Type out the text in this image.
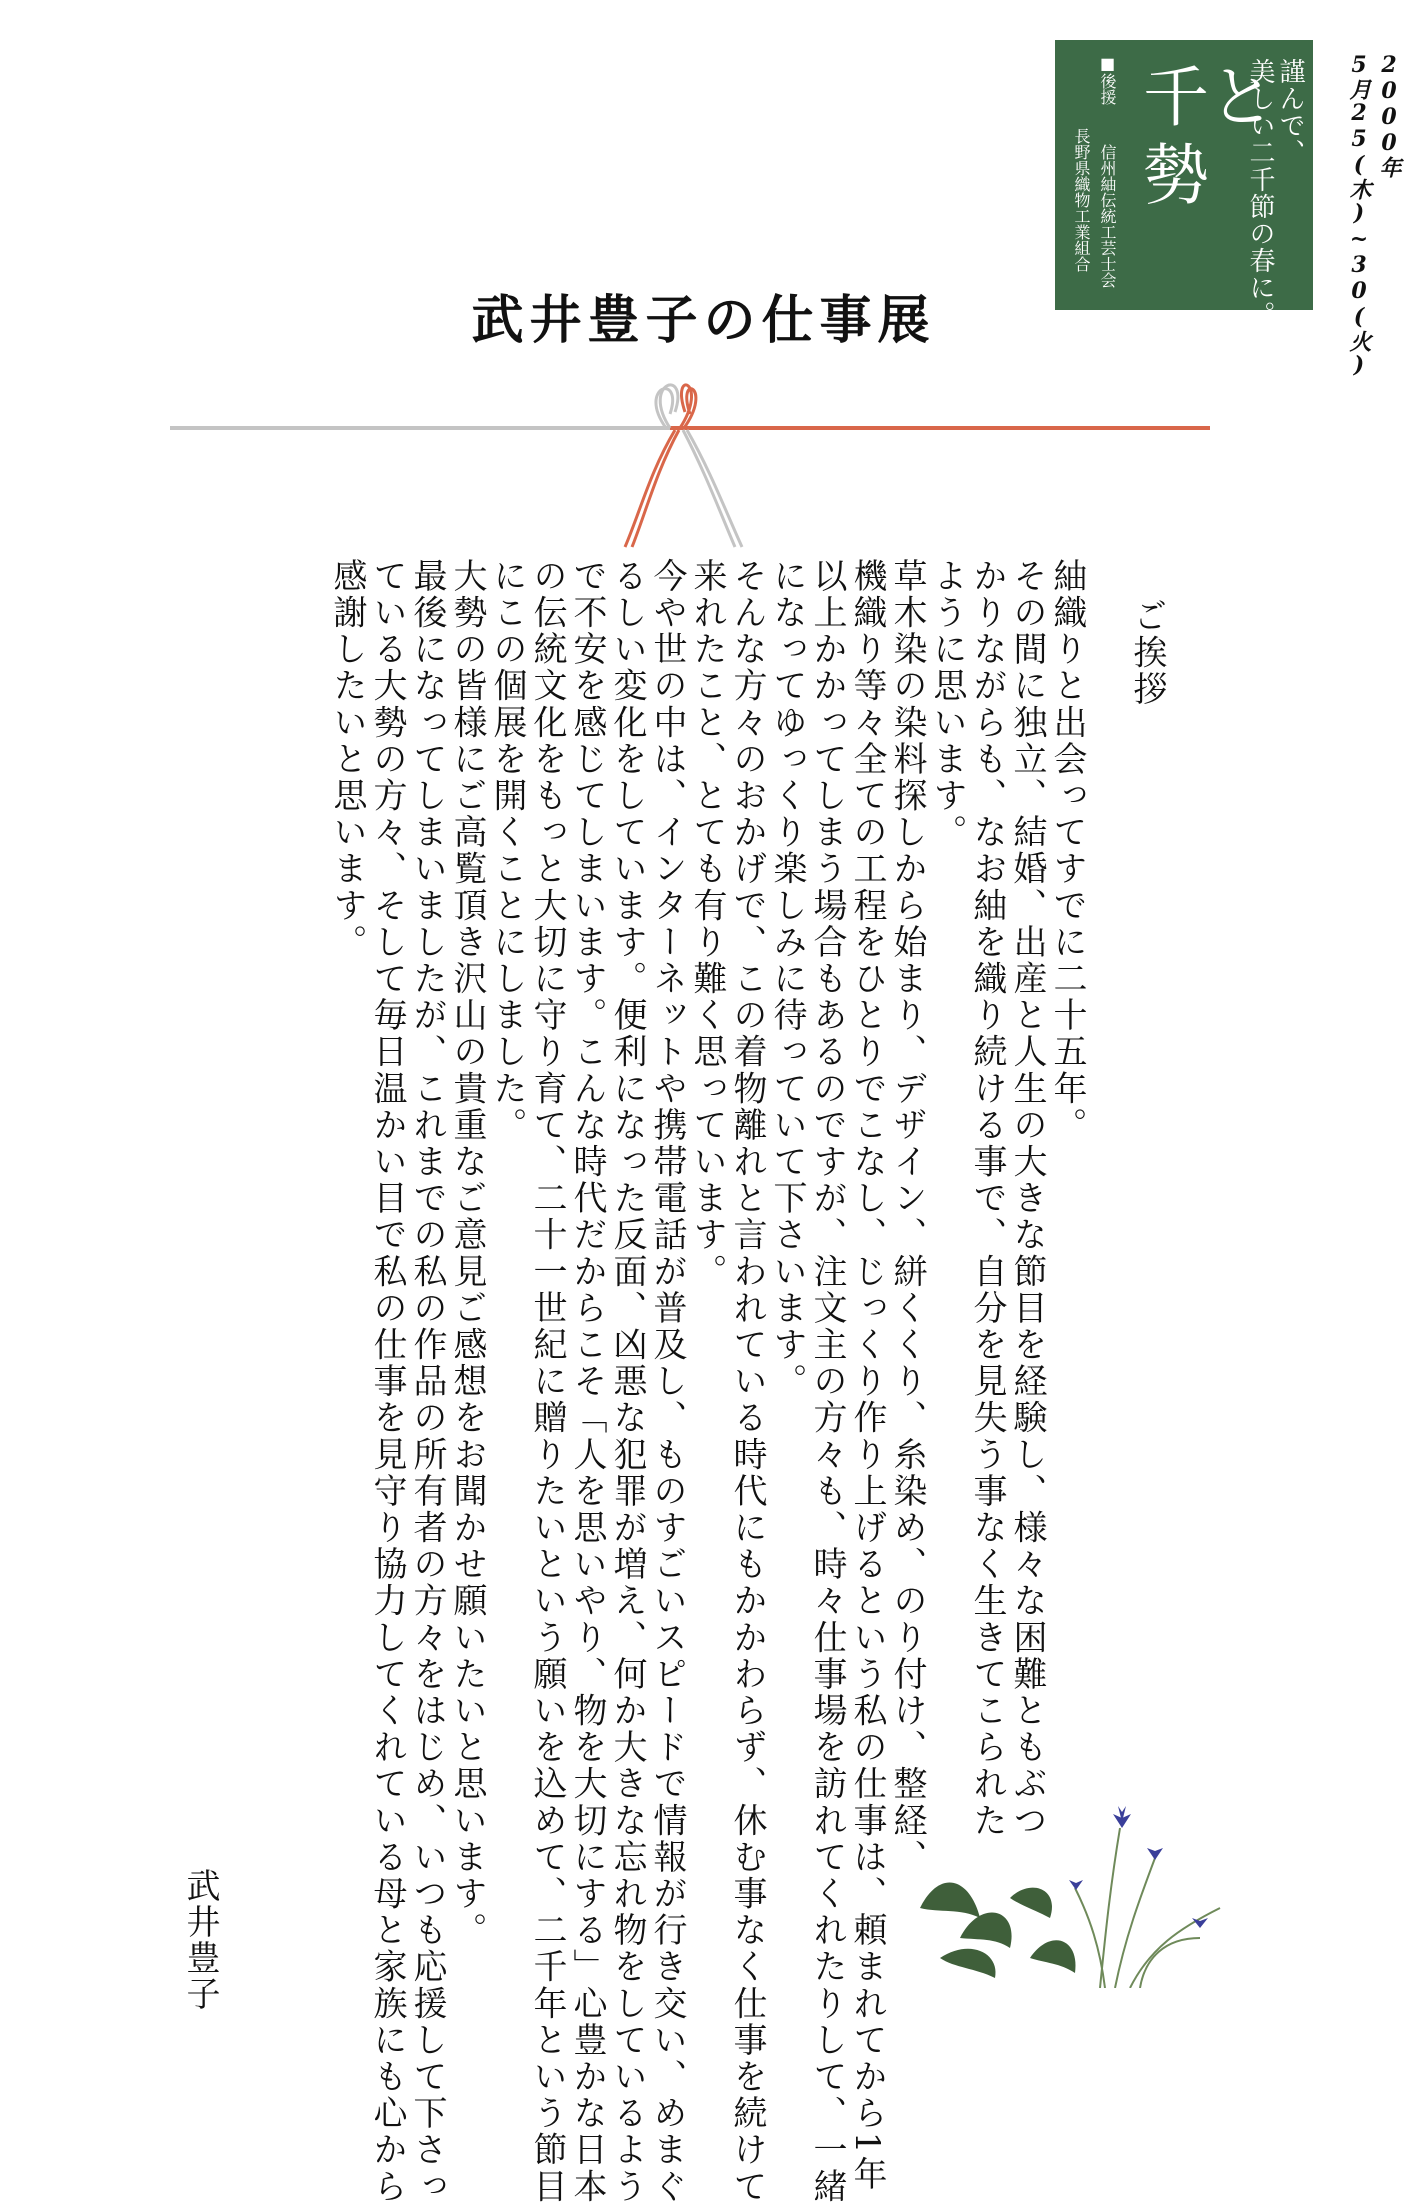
謹んで、
美しい二千節の春に。
千と
勢
■後援
信州紬伝統工芸士会
長野県織物工業組合
2000年
5月25(木)~30(火)
武井豊子の仕事展

ご挨拶

紬織りと出会ってすでに二十五年。
その間に独立、結婚、出産と人生の大きな節目を経験し、様々な困難ともぶつ
かりながらも、なお紬を織り続ける事で、自分を見失う事なく生きてこられた
ように思います。

草木染の染料探しから始まり、デザイン、絣くくり、糸染め、のり付け、整経、
機織り等々全ての工程をひとりでこなし、じっくり作り上げるという私の仕事は、頼まれてから1年
以上かかってしまう場合もあるのですが、注文主の方々も、時々仕事場を訪れてくれたりして、一緒
になってゆっくり楽しみに待っていて下さいます。

そんな方々のおかげで、この着物離れと言われている時代にもかかわらず、休む事なく仕事を続けて
来れたこと、とても有り難く思っています。

今や世の中は、インターネットや携帯電話が普及し、ものすごいスピードで情報が行き交い、めまぐ
るしい変化をしています。便利になった反面、凶悪な犯罪が増え、何か大きな忘れ物をしているよう
で不安を感じてしまいます。こんな時代だからこそ「人を思いやり、物を大切にする」心豊かな日本
の伝統文化をもっと大切に守り育て、二十一世紀に贈りたいという願いを込めて、二千年という節目
にこの個展を開くことにしました。

大勢の皆様にご高覧頂き沢山の貴重なご意見ご感想をお聞かせ願いたいと思います。

最後になってしまいましたが、これまでの私の作品の所有者の方々をはじめ、いつも応援して下さっ
ている大勢の方々、そして毎日温かい目で私の仕事を見守り協力してくれている母と家族にも心から
感謝したいと思います。

武井豊子
